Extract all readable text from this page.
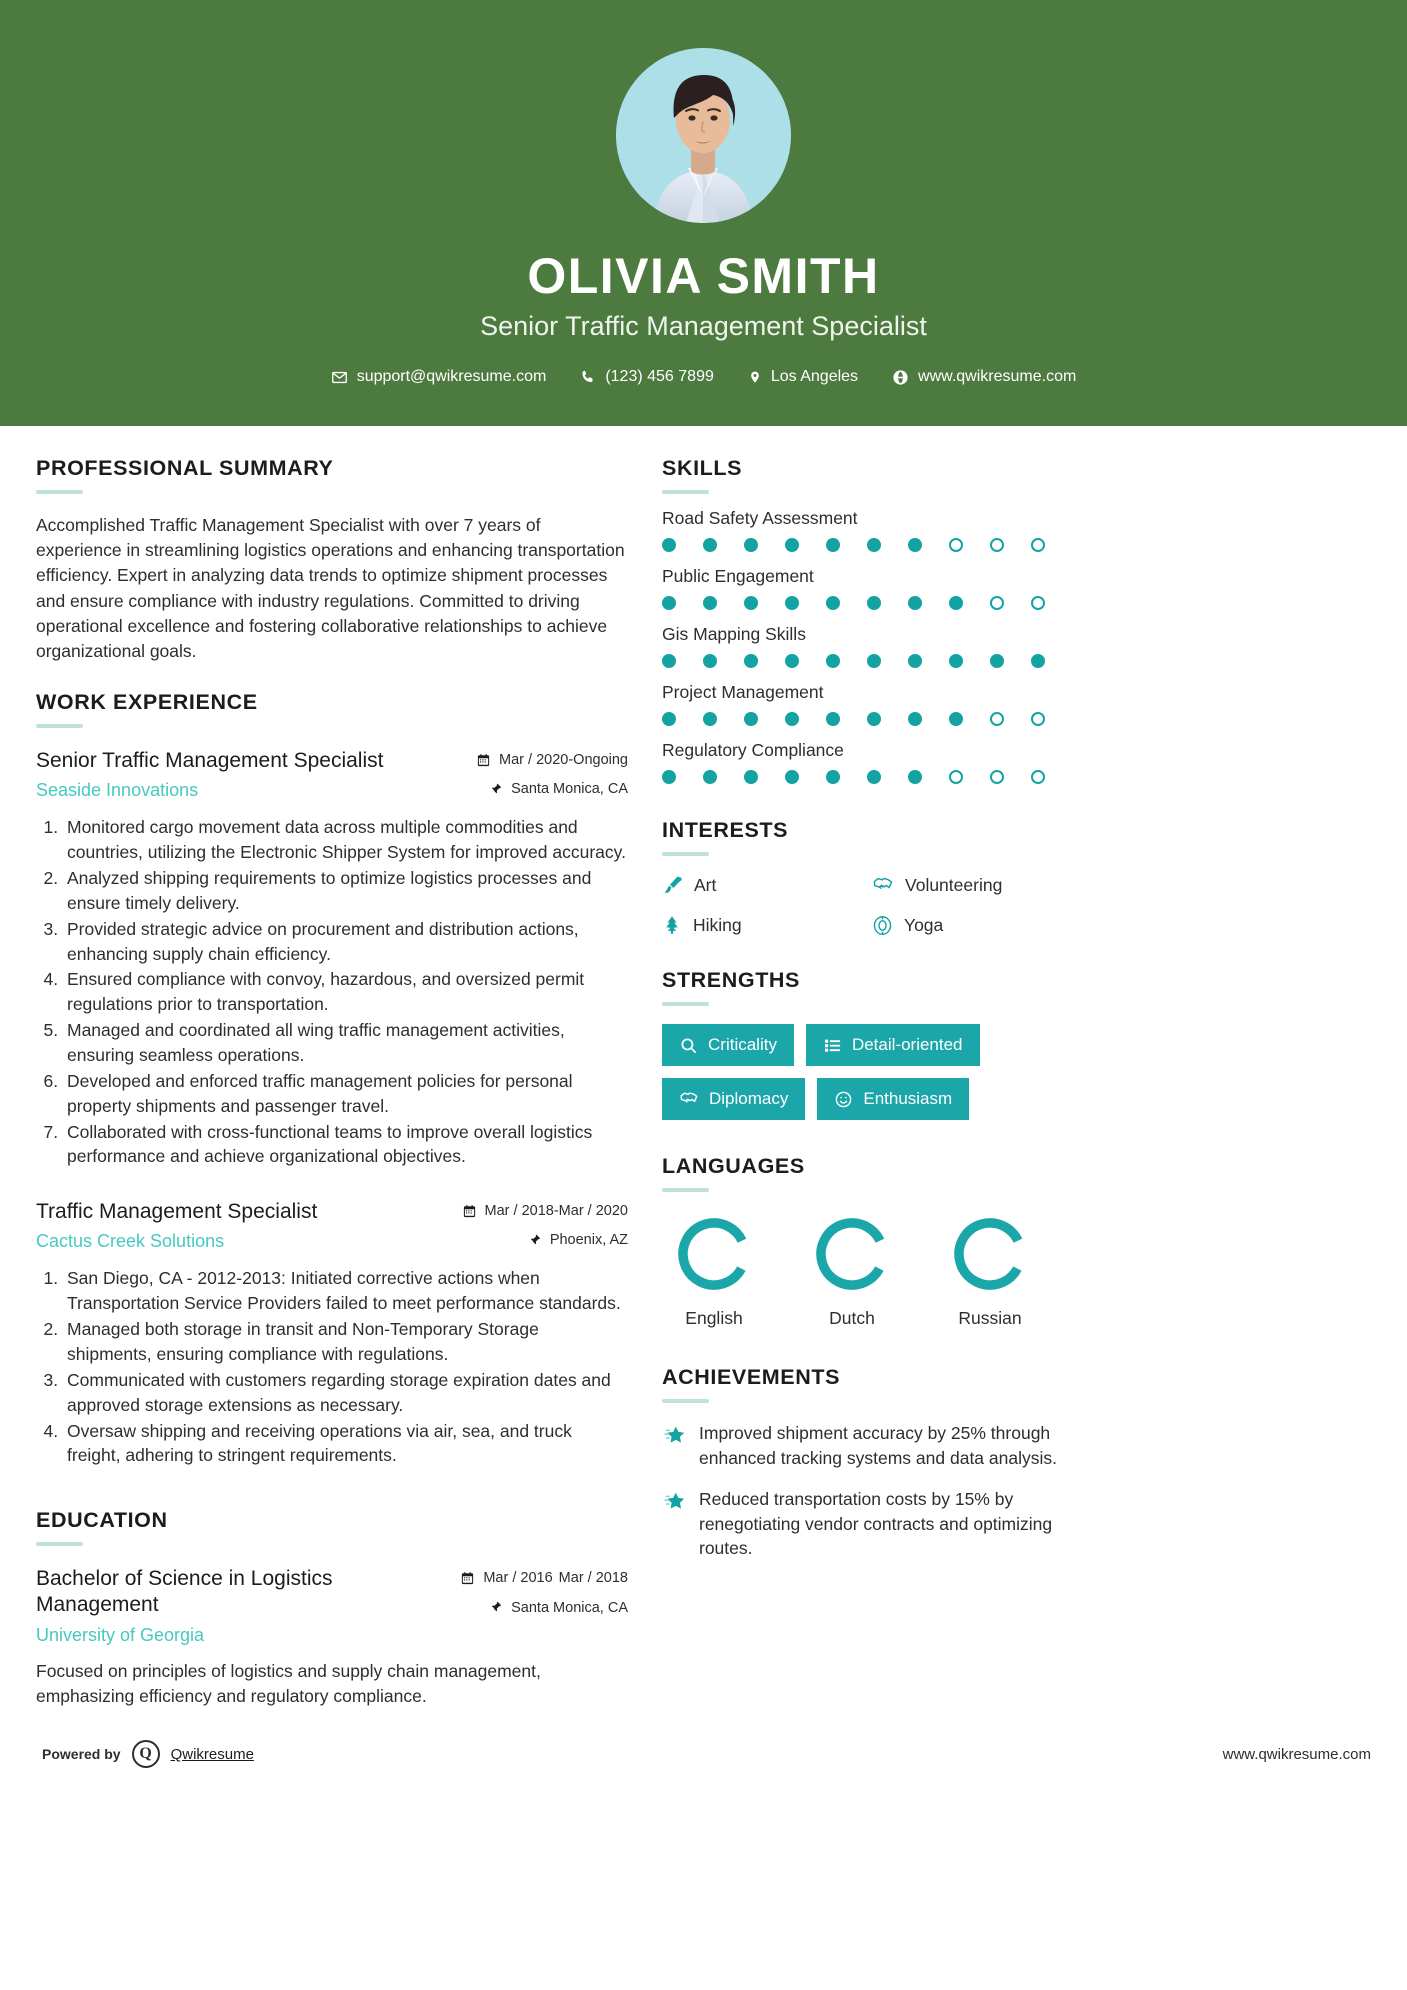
OLIVIA SMITH
Senior Traffic Management Specialist
support@qwikresume.com	(123) 456 7899	Los Angeles	www.qwikresume.com
PROFESSIONAL SUMMARY
Accomplished Traffic Management Specialist with over 7 years of experience in streamlining logistics operations and enhancing transportation efficiency. Expert in analyzing data trends to optimize shipment processes and ensure compliance with industry regulations. Committed to driving operational excellence and fostering collaborative relationships to achieve organizational goals.
WORK EXPERIENCE
Senior Traffic Management Specialist
Seaside Innovations
Mar / 2020-Ongoing
Santa Monica, CA
1. Monitored cargo movement data across multiple commodities and countries, utilizing the Electronic Shipper System for improved accuracy.
2. Analyzed shipping requirements to optimize logistics processes and ensure timely delivery.
3. Provided strategic advice on procurement and distribution actions, enhancing supply chain efficiency.
4. Ensured compliance with convoy, hazardous, and oversized permit regulations prior to transportation.
5. Managed and coordinated all wing traffic management activities, ensuring seamless operations.
6. Developed and enforced traffic management policies for personal property shipments and passenger travel.
7. Collaborated with cross-functional teams to improve overall logistics performance and achieve organizational objectives.
Traffic Management Specialist
Cactus Creek Solutions
Mar / 2018-Mar / 2020
Phoenix, AZ
1. San Diego, CA - 2012-2013: Initiated corrective actions when Transportation Service Providers failed to meet performance standards.
2. Managed both storage in transit and Non-Temporary Storage shipments, ensuring compliance with regulations.
3. Communicated with customers regarding storage expiration dates and approved storage extensions as necessary.
4. Oversaw shipping and receiving operations via air, sea, and truck freight, adhering to stringent requirements.
EDUCATION
Bachelor of Science in Logistics Management
University of Georgia
Mar / 2016 Mar / 2018
Santa Monica, CA
Focused on principles of logistics and supply chain management, emphasizing efficiency and regulatory compliance.
SKILLS
Road Safety Assessment
Public Engagement
Gis Mapping Skills
Project Management
Regulatory Compliance
INTERESTS
Art	Volunteering
Hiking	Yoga
STRENGTHS
Criticality	Detail-oriented
Diplomacy	Enthusiasm
LANGUAGES
English	Dutch	Russian
ACHIEVEMENTS
Improved shipment accuracy by 25% through enhanced tracking systems and data analysis.
Reduced transportation costs by 15% by renegotiating vendor contracts and optimizing routes.
Powered by	Q	Qwikresume	www.qwikresume.com
